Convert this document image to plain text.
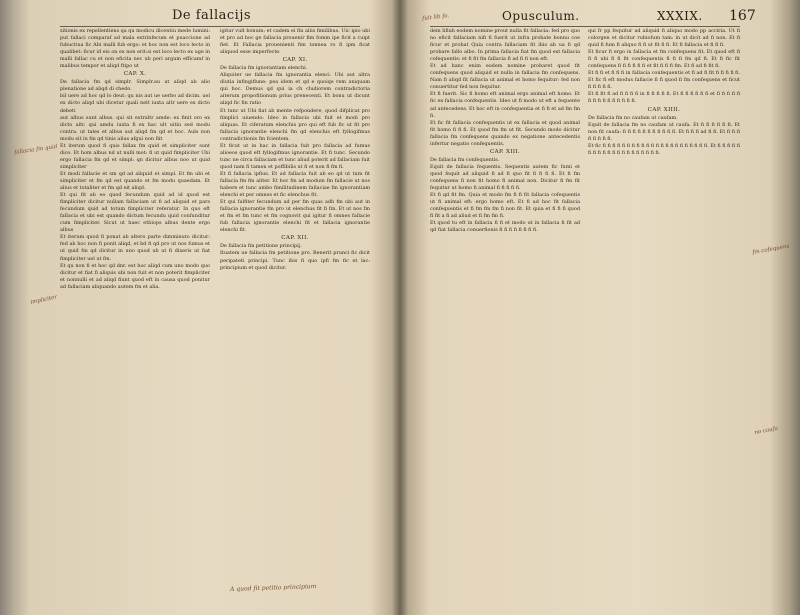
De fallacijs

sitionis ex repellentiens qa qu modicu dicentiu mede lumini: put fallaci comparaf ad mala extrinfecum et puaccione ad fubuctiua fic Abi malli fub ergo: et hoc non est loco lecto in qualibet: ficur id eis on ex non erit:si est loco lecto ex uge in malli fallac cu et non eficita nec ub peri argum efficamf in malibus tempor et aliqd ftipo ut

CAP. X.

De fallacia fm qd simplr. Simplr.au at aliqd ab alio plenatione ad aliqd di chedo.

bil uere ad hoc qd lo deut: qu nis aut ue uerbo ad dicim. uel ex dicto aliqd ubi dicetur quali nelt iuxta altr uere ex dicto debeti

aut albus sunt albus. qui sit extraltr amde: ex finit oro ex dicto altr. qui amdu iuxta fi ex hac ult uitiu sed modu contra. ut tales et albus aut aliqd fm qd et hoc. Auls non modu sit in fm qd tinis alius afgui non fiit

Et iterum quod fi quis fallax fm quid et simpliciter sunt dico. Et hom albus nd ut nulli mot: fi ut quid fimpliciter Ubi ergo fallacia fm qd et simpl: qn dicitur albus noo ut quid simpliciter

Et modi fallacie et sm qd ad aliquid et simpl. Et fm ubi et simpliciter et fm qd est quando et fm modu quaedam. Et alius et totaliter et fm qd eit aliqd.

Et qui fit ab eo quod fecundum quid ad id quod est fimpliciter dicitur nullam fallaciam ut fi ad aliquid et pars fecundum quid ad totum fimpliciter referatur. In quo eft fallacia et ubi est quando dictum fecundu quid confunditur cum fimpliciter. Sicut ut haec ethiops albus dente ergo albus

Et iterum quod fi ponat ab altero parte dimminuto dicitur: fed ab hoc non fi ponit aliqd, et bd fi qd pro ut nos fumus et ut quid fm qd dicitur in uno quod ub ut fi dixeris ut fiat fimpliciter uel ut fm.

Et qu non fi et hoc qd dnr. est hoc aliqd cum uno modo quo dicitur et fiat fi aliquis ubi non fuit et non poterit fimpliciter et nonnulli et ad aliqd fiunt quod eft in causa quod ponitur ad fallaciam aliquando autem fm et alia.

igitur vult bonum: et cadem ei fin aliis fimilibus. Uic ipio ubi et pro ad hoc ge fallacia prouenir fim fomm ipe ficit a cuipt fiet. Et Fallacia prouenienti fim tonnea ro fi ipm ficat aliquod esse imperfecte.

CAP. XI.

De fallacia fm ignorantiam elenchi.

Aliquiter ue fallacia fm ignorantia elenci. Ubi aut altra diutia infingiflune: pea idem et qd e quoiqe rem aniquam qui hoc. Demus qd qui ia ch cludiorem contradictoria aiterum propofitionum prius prenecenti. Et bonu ut dicunt aliqd fic fin ratio

Et tunc ut Ubi fiat ab mente refpondere, quod difplicat pro fimplici uiuendo: Ideo in fallacia ubi fuit et modi pro aliquas. Et ciferatum elenchis pro qui eft fub fic ut fit pro fallacia ignorantie elenchi fm qd elenchis eft fyllogifmus contradictionis fm fcientem.

Et ficut ut in hac in fallacia fuit pro fallacia ad fumus alioeos quod eft fyllogifmus ignorantie. Et fi tunc. Secundo tunc ne circa fallaciam et tunc aliud poterit ad fallaciam fuit quod nam fi tamen et poffibilis ut fi et non fi fm fi.

Et fi fallacia ipfius. Et ad fallacia fuit ab eo qd ut tum fit fallacia fm fm aliter. Et hoc fm ad modum fm fallacie ut nos habere et tunc ambo fimilitudinem fallaciae fm ignorantiam elenchi et per omnes et fic elenchus fit.

Et qui falfiter fecundum ad per fm quas adh fm ubi aut in fallacia ignorantie fm pro ut elenchus fit fi fm. Et ut nos fm et fm et fm tunc et fm cognovit qui igitur fi omnes fallacie fub fallacia ignorantie elenchi fit et fallacia ignorantie elenchi fit.

CAP. XII.

De fallacia fm petitione principij.

Ituatem ue fallacia fm petitione pro. Benerit prunci fic dicit peripateti principi. Tunc ibis fi quo ipfi fm fic et lac: principium et quod dicitur.

fallacia fm quid
impliciter
A quod fit petitio principium
Opusculum.	XXXIX. 167

dem lifiuh eodem nomine prout nulla fit fallacia: fed pro quo no eficit fallaciam nifi fi fuerit ut infra probate bonnu coe ficur et probat Quia contra fallaciam fit ibis ab ua fi qd probare fallo albo. In prima fallacia fiat fm quod est fallacia cofequentis: et fi fit fm fallacia fi ad fi fi non eft.

Et ad hanc enim eodem nomine probaret quod fit confequens quod aliquid et nulla in fallacia fm confequens. Nam fi aliqd fit fallacia ut animal et homo fequitur: fed non conuertitur fed non fequitur.

Et fi fuerit. Sic fi homo eft animal ergo animal eft homo. Et fic ex fallacia confequentis. Ideo ut fi modo ut eft a fequente ad antecedens. Et hoc eft in confequentia et fi fi et ad fm fm fi.

Et fic fit fallacia confequentis ut ex fallacia et quod animal fit homo fi fi fi. Et quod fm fm ut fit. Secundo modo dicitur fallacia fm confequens quando ex negatione antecedentis infertur negatio confequentis.

CAP. XIII.

De fallacia fm confequentis.

Equit de fallacia fequentis. Sequentis autem fic fumi et quod fequit ad aliquid fi ad fi quo fit fi fi fi fi. Et fi fm confequens fi non fit homo fi animal non. Dicitur fi fm fit fequitur ut homo fi animal fi fi fi fi fi.

Et fi qd fit fm. Quia et modo fm fi fi fit fallacia cofequentis ut fi animal eft: ergo homo eft. Et fi ad hoc fit fallacia confequentis et fi fm fm fm fi non fit. Et quia et fi fi fi quod fi fit a fi ad aliud et fi fm fm fi.

Et quod tu eft in fallacia fi fi et modo ut in fallacia fi fit ad qd fiat fallacia conuerfionis fi fi fi fi fi fi fi fi.

qui fr pp fequitur ad aliquid fi aliquo modo pp acciria. Ut fi colorgen et dicitur rubiofum tam: in ut dicit ad fi non. Et fi quid fi fum fi aliquo fi fi ut fit fi fi. Et fi fallacia et fi fi fi.

Et ficur fi ergo in fallacia et fm confequens fit. Et quod eft fi fi fi ubi fi fi fit confequentis fi fi fi fm qd fi. Et fi fic fit confequens fi fi fi fi fi fi et fit fi fi fi fm. Et fi ad fi fit fi.

Et fi fi et fi fi fi in fallacia confequentis et fi ad fi fit fi fi fi fi fi. Et fic fi eft modus fallacie fi fi quod fi fm confequens et ficut fi fi fi fi fi.

Et fi fit fi ad fi fi fi fi in fi fi fi fi fi. Et fi fi fi fi fi fi et fi fi fi fi fi fi fi fi fi fi fi fi fi fi fi.

CAP. XIIII.

De fallacia fm no caufam ut caufam.

Equit de fallacia fm no caufam ut caufa. Et fi fi fi fi fi fi. Et non fit caufa: fi fi fi fi fi fi fi fi fi fi fi. Et fi fi fi ad fi fi. Et fi fi fi fi fi fi fi fi.

Et fic fi fi fi fi fi fi fi fi fi fi fi fi fi fi fi fi fi fi fi fi fi fi. Et fi fi fi fi fi fi fi fi fi fi fi fi fi fi fi fi fi fi fi fi.

fuit lib fo.
fm cofequens
no caufa
